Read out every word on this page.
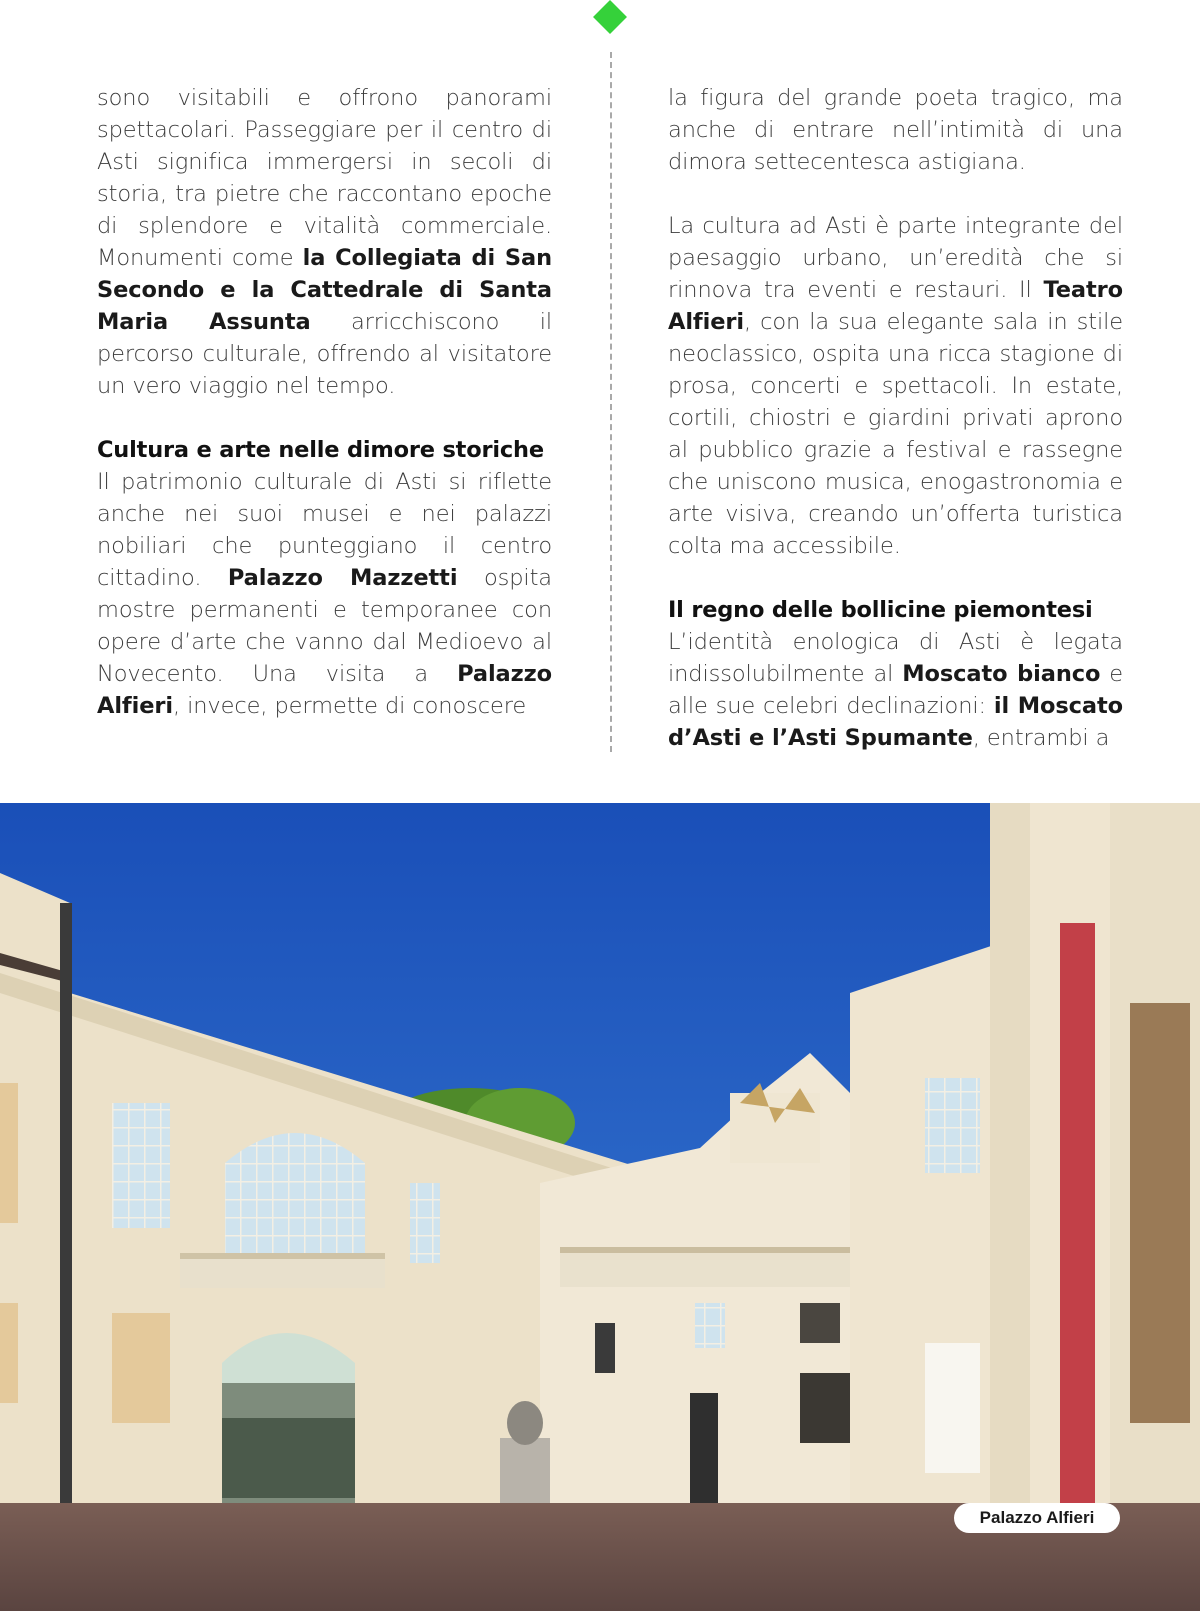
sono visitabili e offrono panorami spettacolari. Passeggiare per il centro di Asti significa immergersi in secoli di storia, tra pietre che raccontano epoche di splendore e vitalità commerciale. Monumenti come la Collegiata di San Secondo e la Cattedrale di Santa Maria Assunta arricchiscono il percorso culturale, offrendo al visitatore un vero viaggio nel tempo.

Cultura e arte nelle dimore storiche

Il patrimonio culturale di Asti si riflette anche nei suoi musei e nei palazzi nobiliari che punteggiano il centro cittadino. Palazzo Mazzetti ospita mostre permanenti e temporanee con opere d’arte che vanno dal Medioevo al Novecento. Una visita a Palazzo Alfieri, invece, permette di conoscere

la figura del grande poeta tragico, ma anche di entrare nell’intimità di una dimora settecentesca astigiana.

La cultura ad Asti è parte integrante del paesaggio urbano, un’eredità che si rinnova tra eventi e restauri. Il Teatro Alfieri, con la sua elegante sala in stile neoclassico, ospita una ricca stagione di prosa, concerti e spettacoli. In estate, cortili, chiostri e giardini privati aprono al pubblico grazie a festival e rassegne che uniscono musica, enogastronomia e arte visiva, creando un’offerta turistica colta ma accessibile.

Il regno delle bollicine piemontesi

L’identità enologica di Asti è legata indissolubilmente al Moscato bianco e alle sue celebri declinazioni: il Moscato d’Asti e l’Asti Spumante, entrambi a

Palazzo Alfieri
